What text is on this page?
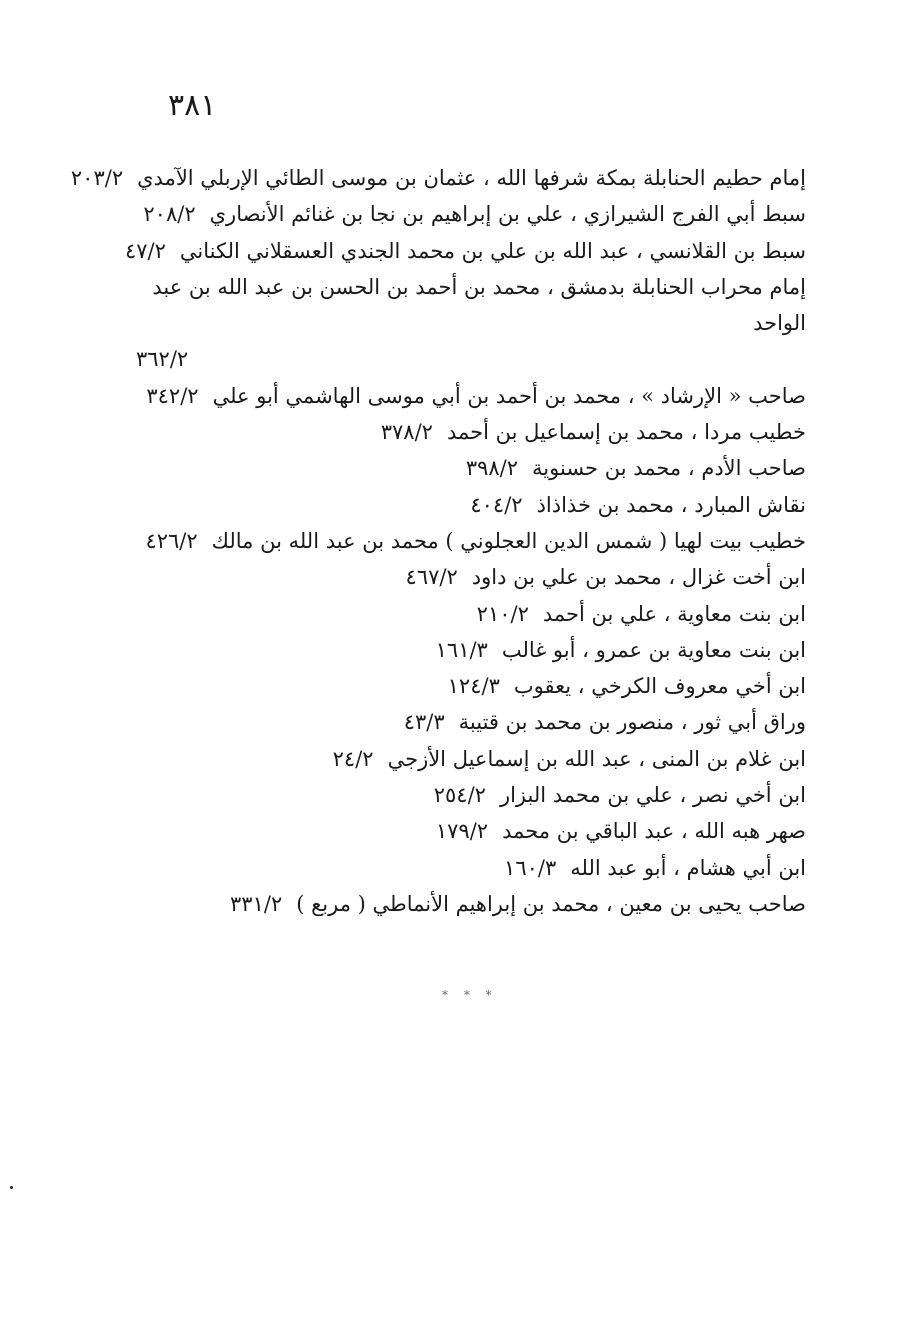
٣٨١
إمام حطيم الحنابلة بمكة شرفها الله ، عثمان بن موسى الطائي الإربلي الآمدي٢٠٣/٢
سبط أبي الفرج الشيرازي ، علي بن إبراهيم بن نجا بن غنائم الأنصاري٢٠٨/٢
سبط بن القلانسي ، عبد الله بن علي بن محمد الجندي العسقلاني الكناني٤٧/٢
إمام محراب الحنابلة بدمشق ، محمد بن أحمد بن الحسن بن عبد الله بن عبد الواحد
٣٦٢/٢
صاحب « الإرشاد » ، محمد بن أحمد بن أبي موسى الهاشمي أبو علي٣٤٢/٢
خطيب مردا ، محمد بن إسماعيل بن أحمد٣٧٨/٢
صاحب الأدم ، محمد بن حسنوية٣٩٨/٢
نقاش المبارد ، محمد بن خذاذاذ٤٠٤/٢
خطيب بيت لهيا ( شمس الدين العجلوني ) محمد بن عبد الله بن مالك٤٢٦/٢
ابن أخت غزال ، محمد بن علي بن داود٤٦٧/٢
ابن بنت معاوية ، علي بن أحمد٢١٠/٢
ابن بنت معاوية بن عمرو ، أبو غالب١٦١/٣
ابن أخي معروف الكرخي ، يعقوب١٢٤/٣
وراق أبي ثور ، منصور بن محمد بن قتيبة٤٣/٣
ابن غلام بن المنى ، عبد الله بن إسماعيل الأزجي٢٤/٢
ابن أخي نصر ، علي بن محمد البزار٢٥٤/٢
صهر هبه الله ، عبد الباقي بن محمد١٧٩/٢
ابن أبي هشام ، أبو عبد الله١٦٠/٣
صاحب يحيى بن معين ، محمد بن إبراهيم الأنماطي ( مربع )٣٣١/٢
* * *
